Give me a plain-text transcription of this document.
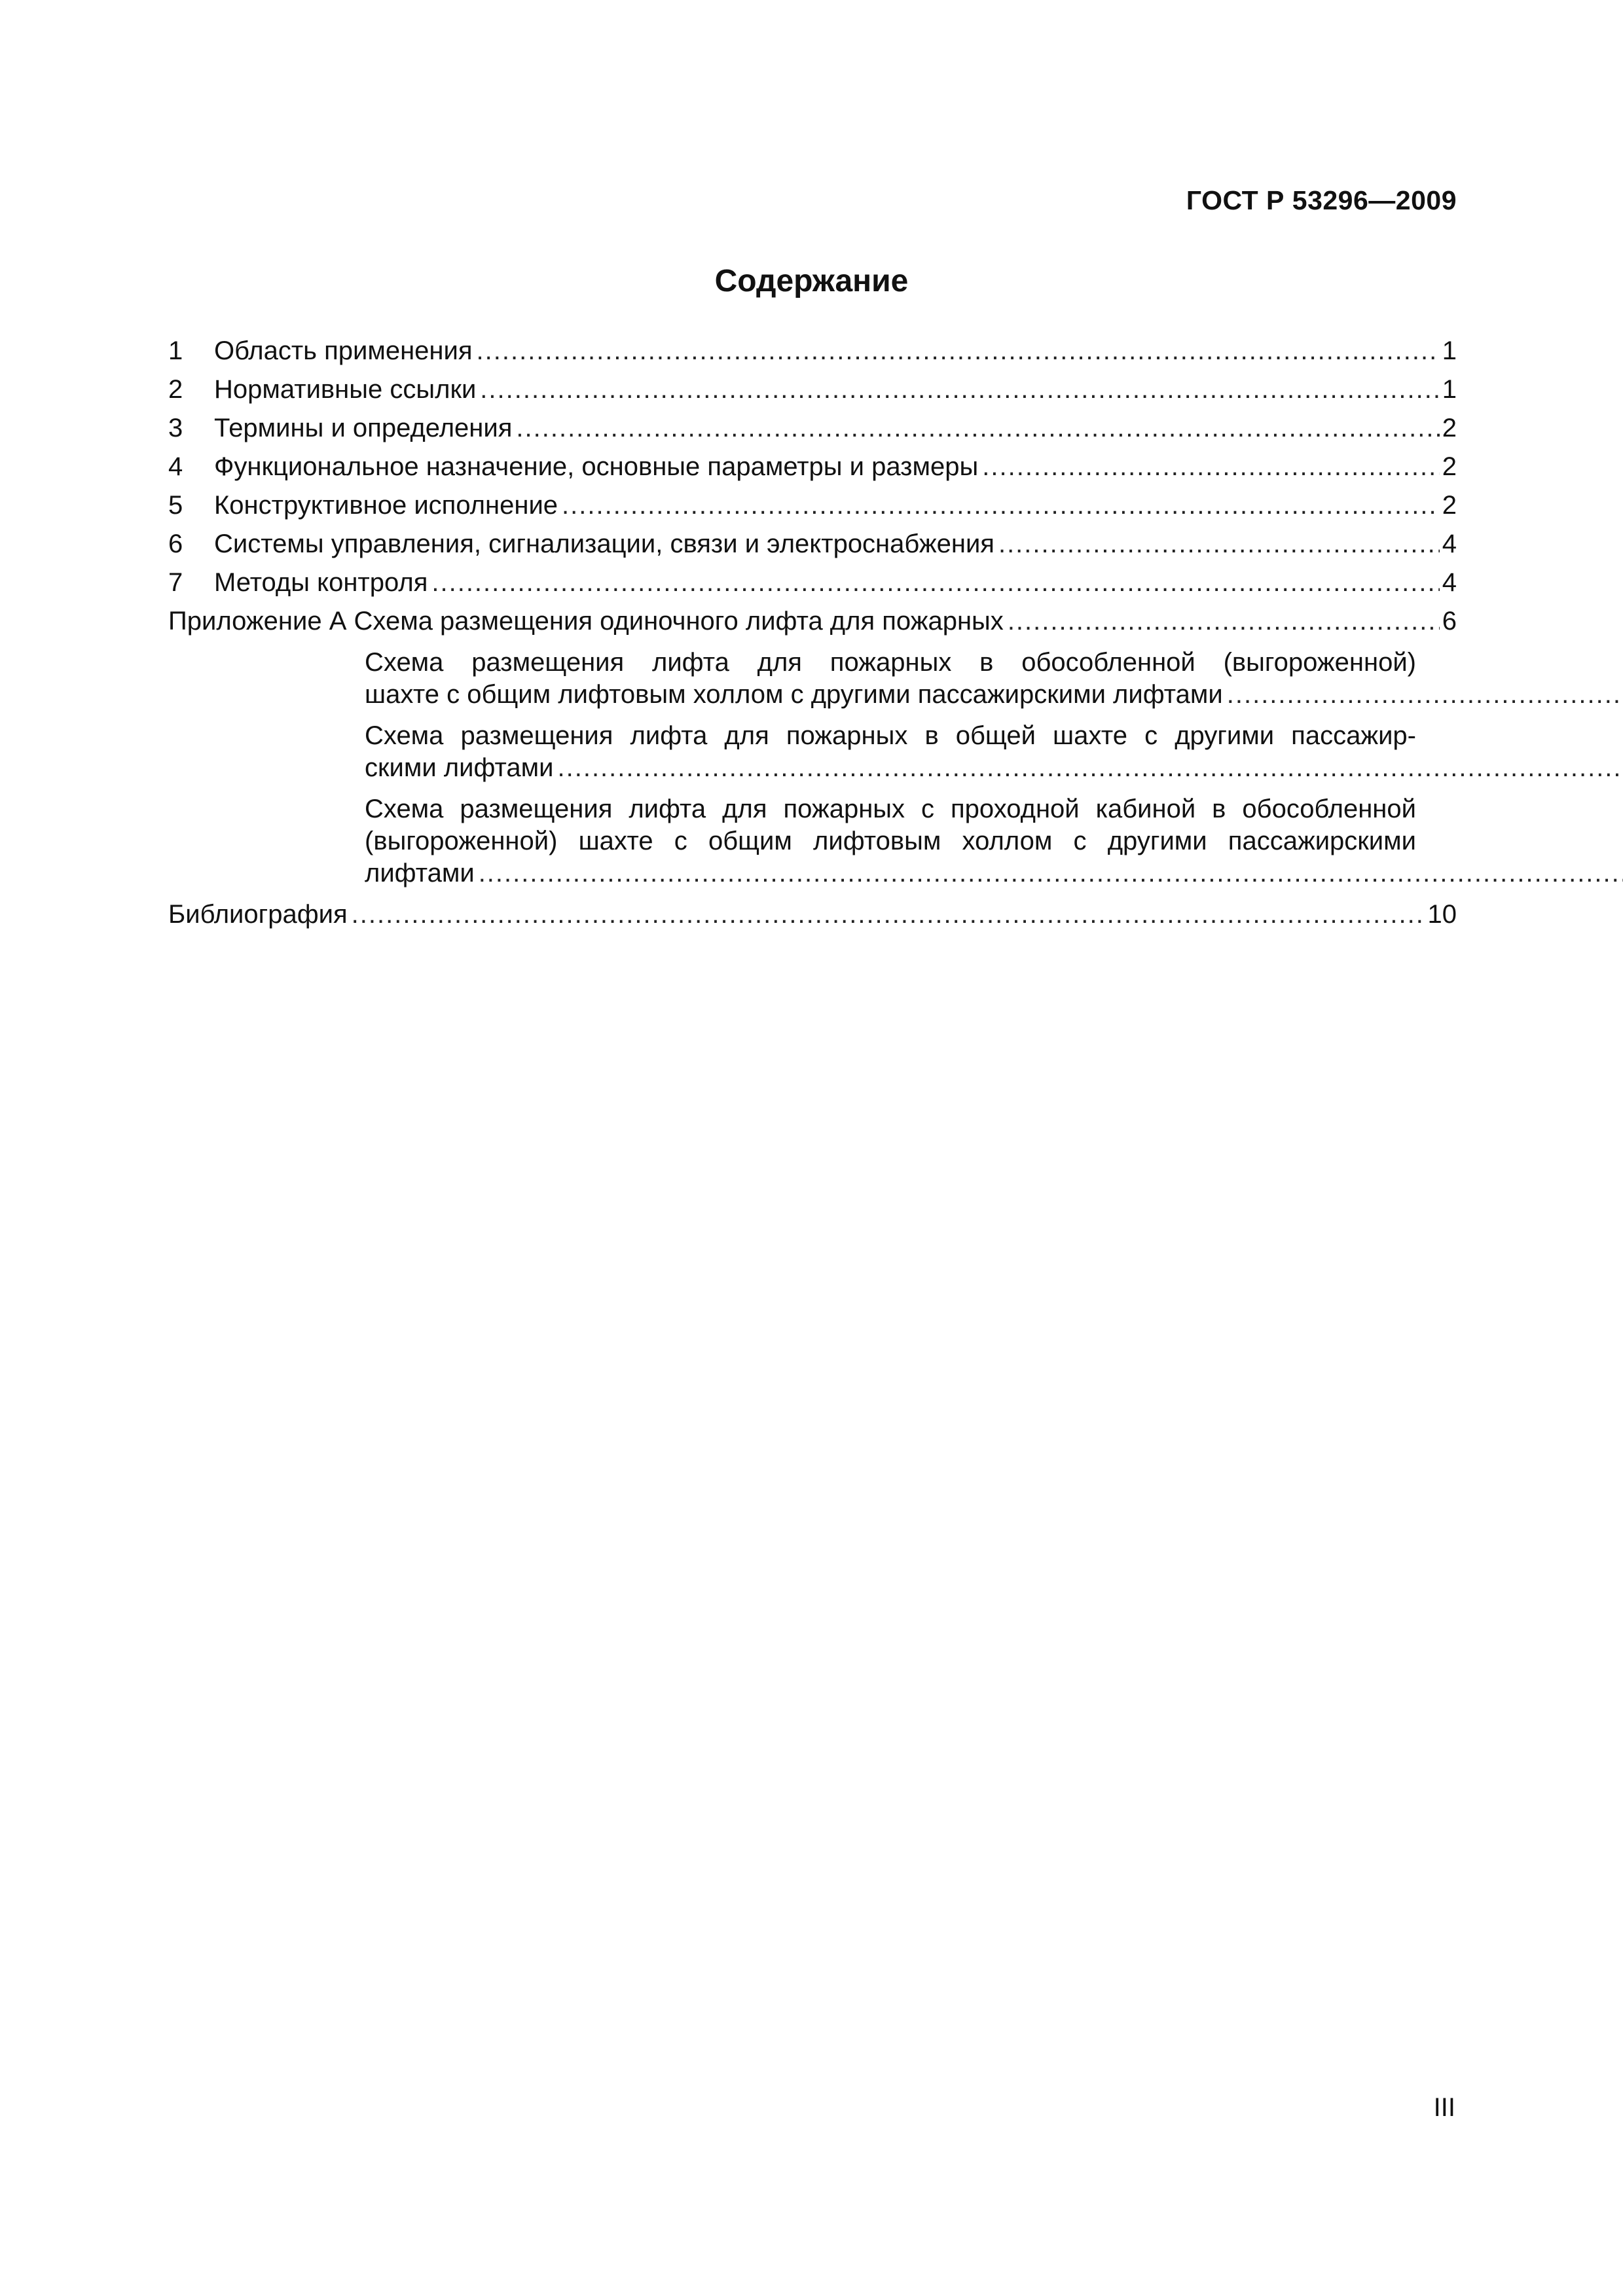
ГОСТ Р 53296—2009
Содержание
1	Область применения .....	1
2	Нормативные ссылки .....	1
3	Термины и определения .....	2
4	Функциональное назначение, основные параметры и размеры .....	2
5	Конструктивное исполнение .....	2
6	Системы управления, сигнализации, связи и электроснабжения .....	4
7	Методы контроля .....	4
Приложение А Схема размещения одиночного лифта для пожарных .....	6
Схема размещения лифта для пожарных в обособленной (выгороженной)
шахте с общим лифтовым холлом с другими пассажирскими лифтами
.....
Схема размещения лифта для пожарных в общей шахте с другими пассажир-
скими лифтами
.....
Схема размещения лифта для пожарных с проходной кабиной в обособленной
(выгороженной) шахте с общим лифтовым холлом с другими пассажирскими
лифтами
.....
Библиография .....	10
III
